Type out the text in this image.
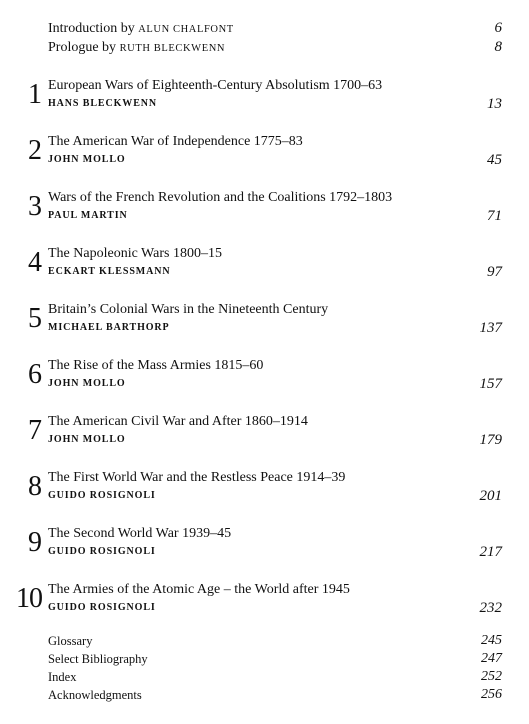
Introduction by ALUN CHALFONT	6
Prologue by RUTH BLECKWENN	8
1 European Wars of Eighteenth-Century Absolutism 1700–63
HANS BLECKWENN	13
2 The American War of Independence 1775–83
JOHN MOLLO	45
3 Wars of the French Revolution and the Coalitions 1792–1803
PAUL MARTIN	71
4 The Napoleonic Wars 1800–15
ECKART KLESSMANN	97
5 Britain’s Colonial Wars in the Nineteenth Century
MICHAEL BARTHORP	137
6 The Rise of the Mass Armies 1815–60
JOHN MOLLO	157
7 The American Civil War and After 1860–1914
JOHN MOLLO	179
8 The First World War and the Restless Peace 1914–39
GUIDO ROSIGNOLI	201
9 The Second World War 1939–45
GUIDO ROSIGNOLI	217
10 The Armies of the Atomic Age – the World after 1945
GUIDO ROSIGNOLI	232
Glossary	245
Select Bibliography	247
Index	252
Acknowledgments	256
